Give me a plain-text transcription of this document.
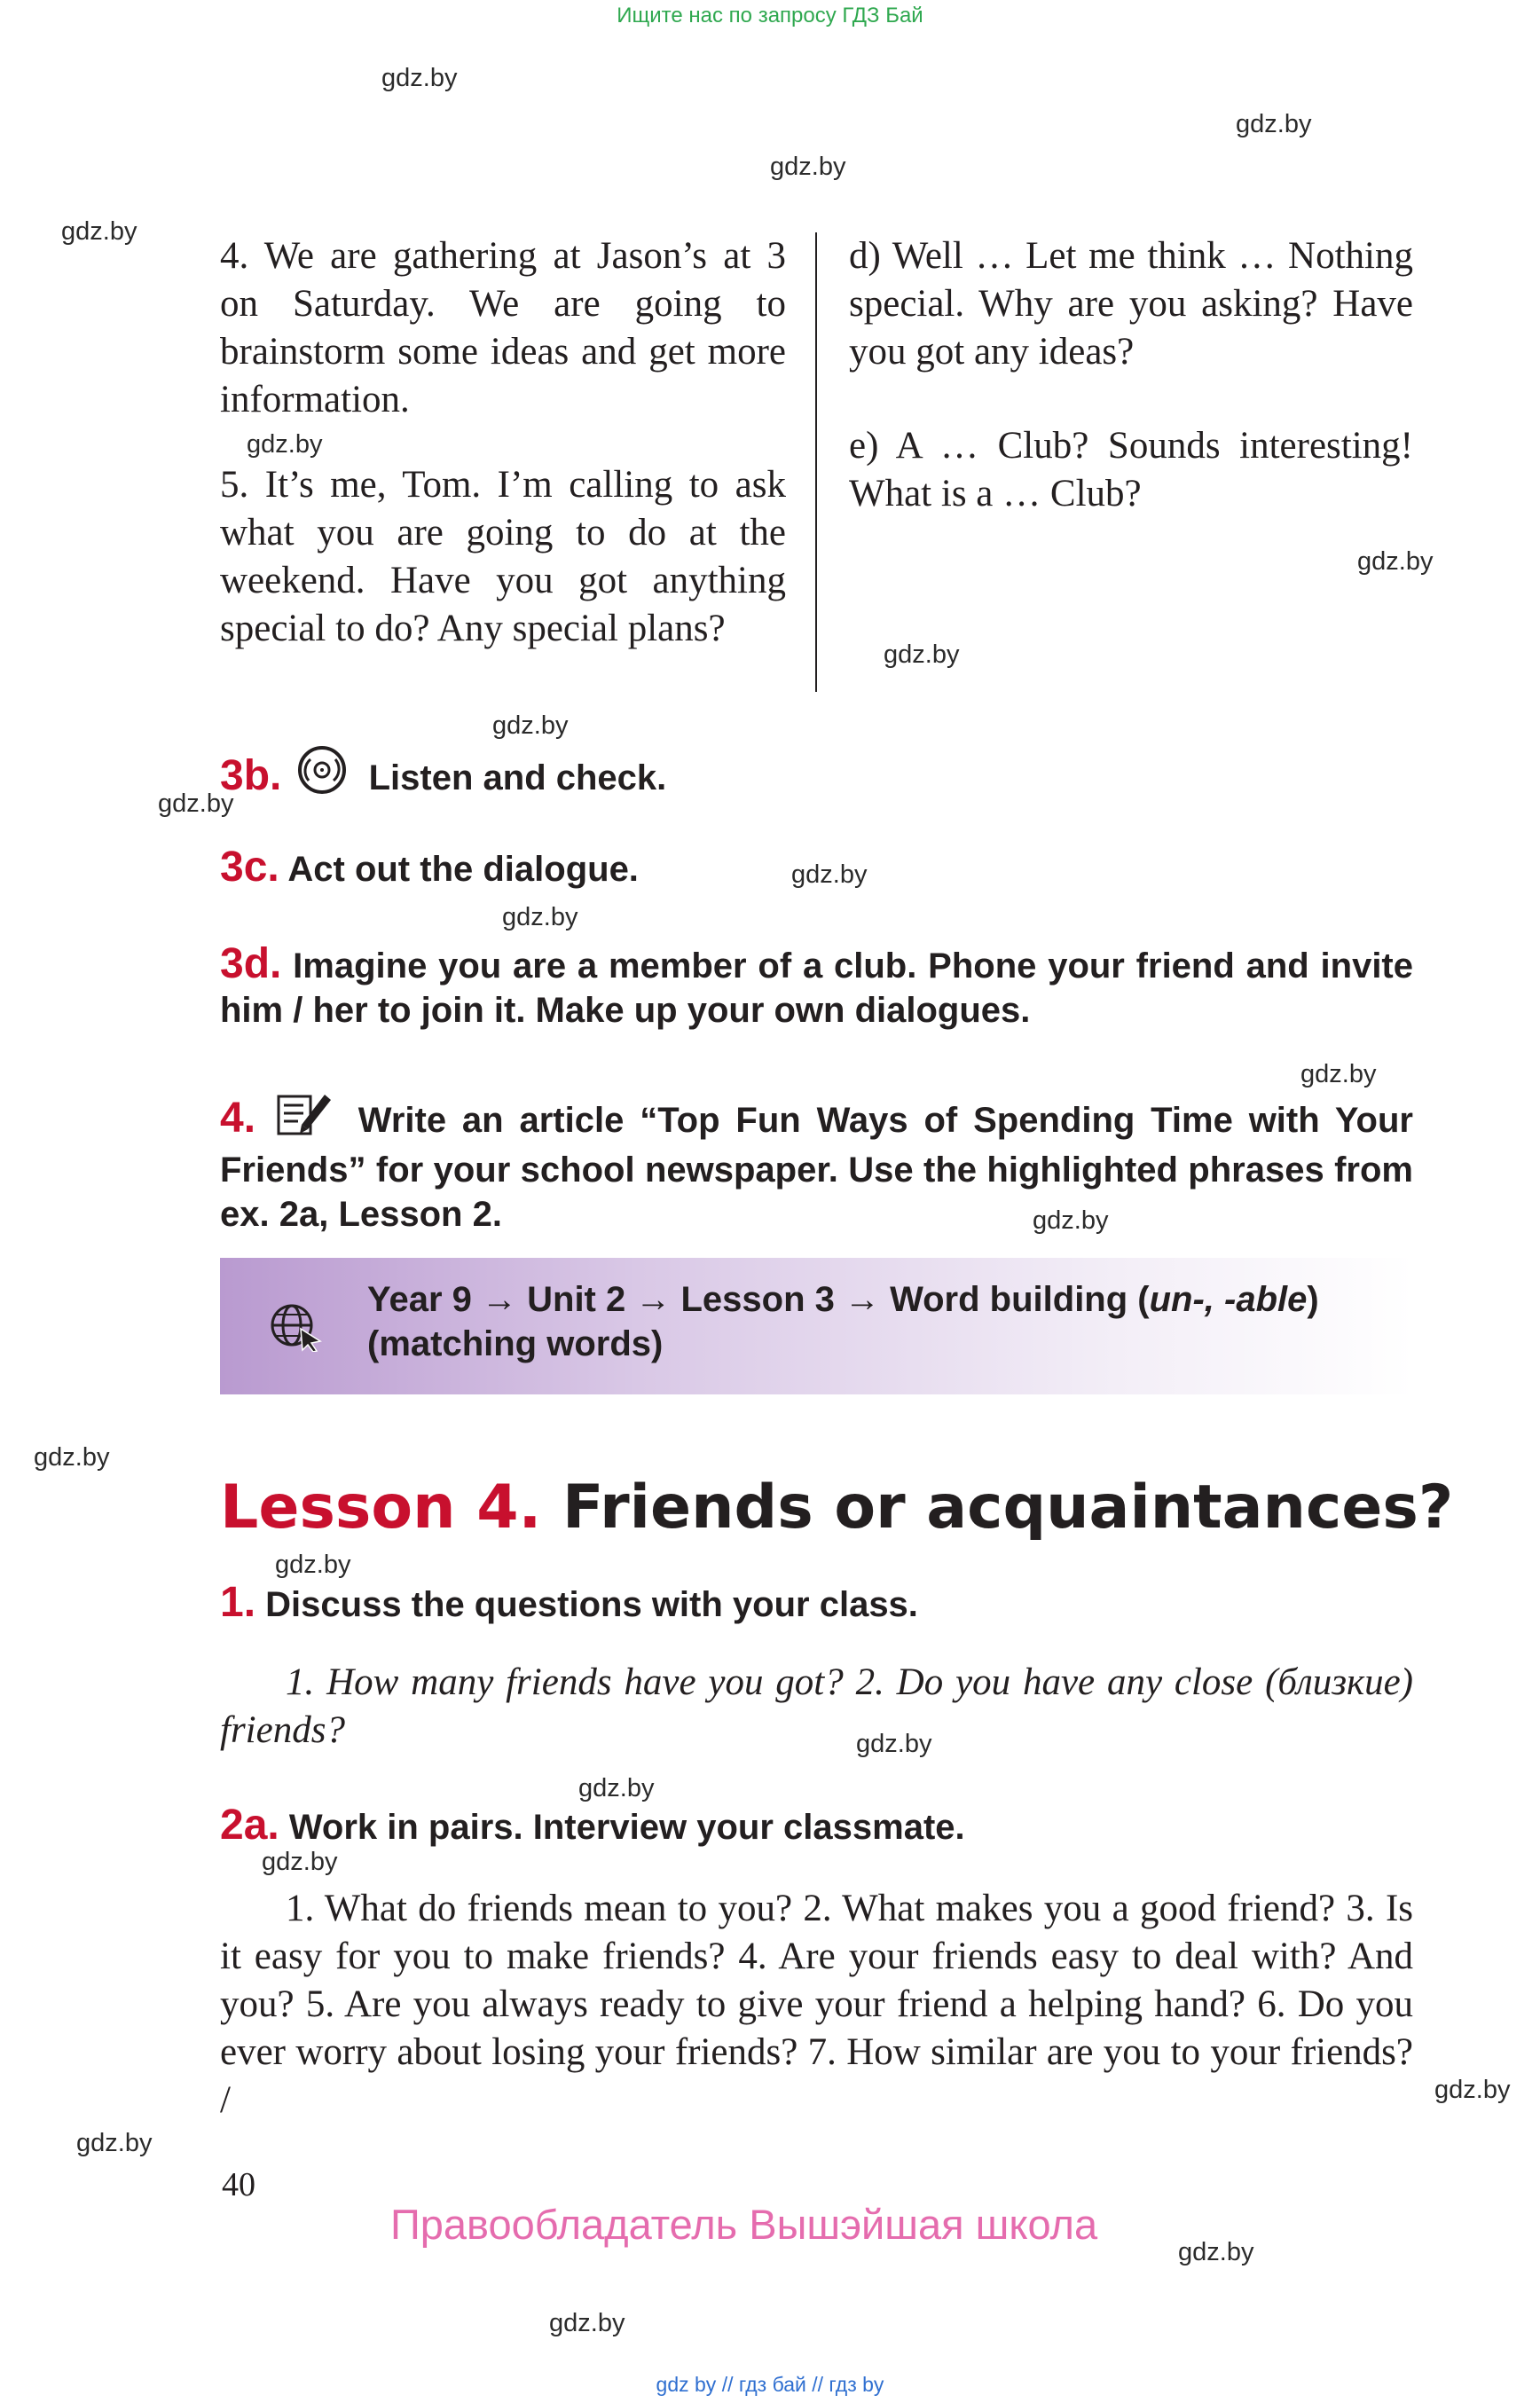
Ищите нас по запросу ГДЗ Бай
gdz.by
gdz.by
gdz.by
gdz.by
gdz.by
gdz.by
gdz.by
gdz.by
gdz.by
gdz.by
gdz.by
gdz.by
gdz.by
gdz.by
gdz.by
gdz.by
gdz.by
gdz.by
gdz.by
gdz.by
gdz.by
gdz.by

4. We are gathering at Jason’s at 3 on Saturday. We are going to brainstorm some ideas and get more information.

5. It’s me, Tom. I’m calling to ask what you are going to do at the weekend. Have you got anything special to do? Any special plans?

d) Well … Let me think … Nothing special. Why are you asking? Have you got any ideas?

e) A … Club? Sounds interesting! What is a … Club?

3b. Listen and check.
3c. Act out the dialogue.
3d. Imagine you are a member of a club. Phone your friend and invite him / her to join it. Make up your own dialogues.
4.	Write an article “Top Fun Ways of Spending Time with Your Friends” for your school newspaper. Use the highlighted phrases from ex. 2a, Lesson 2.
Year 9 → Unit 2 → Lesson 3 → Word building (un-, -able)
(matching words)
Lesson 4. Friends or acquaintances?
1. Discuss the questions with your class.
1. How many friends have you got? 2. Do you have any close (близкие) friends?
2a. Work in pairs. Interview your classmate.
1. What do friends mean to you? 2. What makes you a good friend? 3. Is it easy for you to make friends? 4. Are your friends easy to deal with? And you? 5. Are you always ready to give your friend a helping hand? 6. Do you ever worry about losing your friends? 7. How similar are you to your friends? /
40
Правообладатель Вышэйшая школа
gdz by // гдз бай // гдз by
